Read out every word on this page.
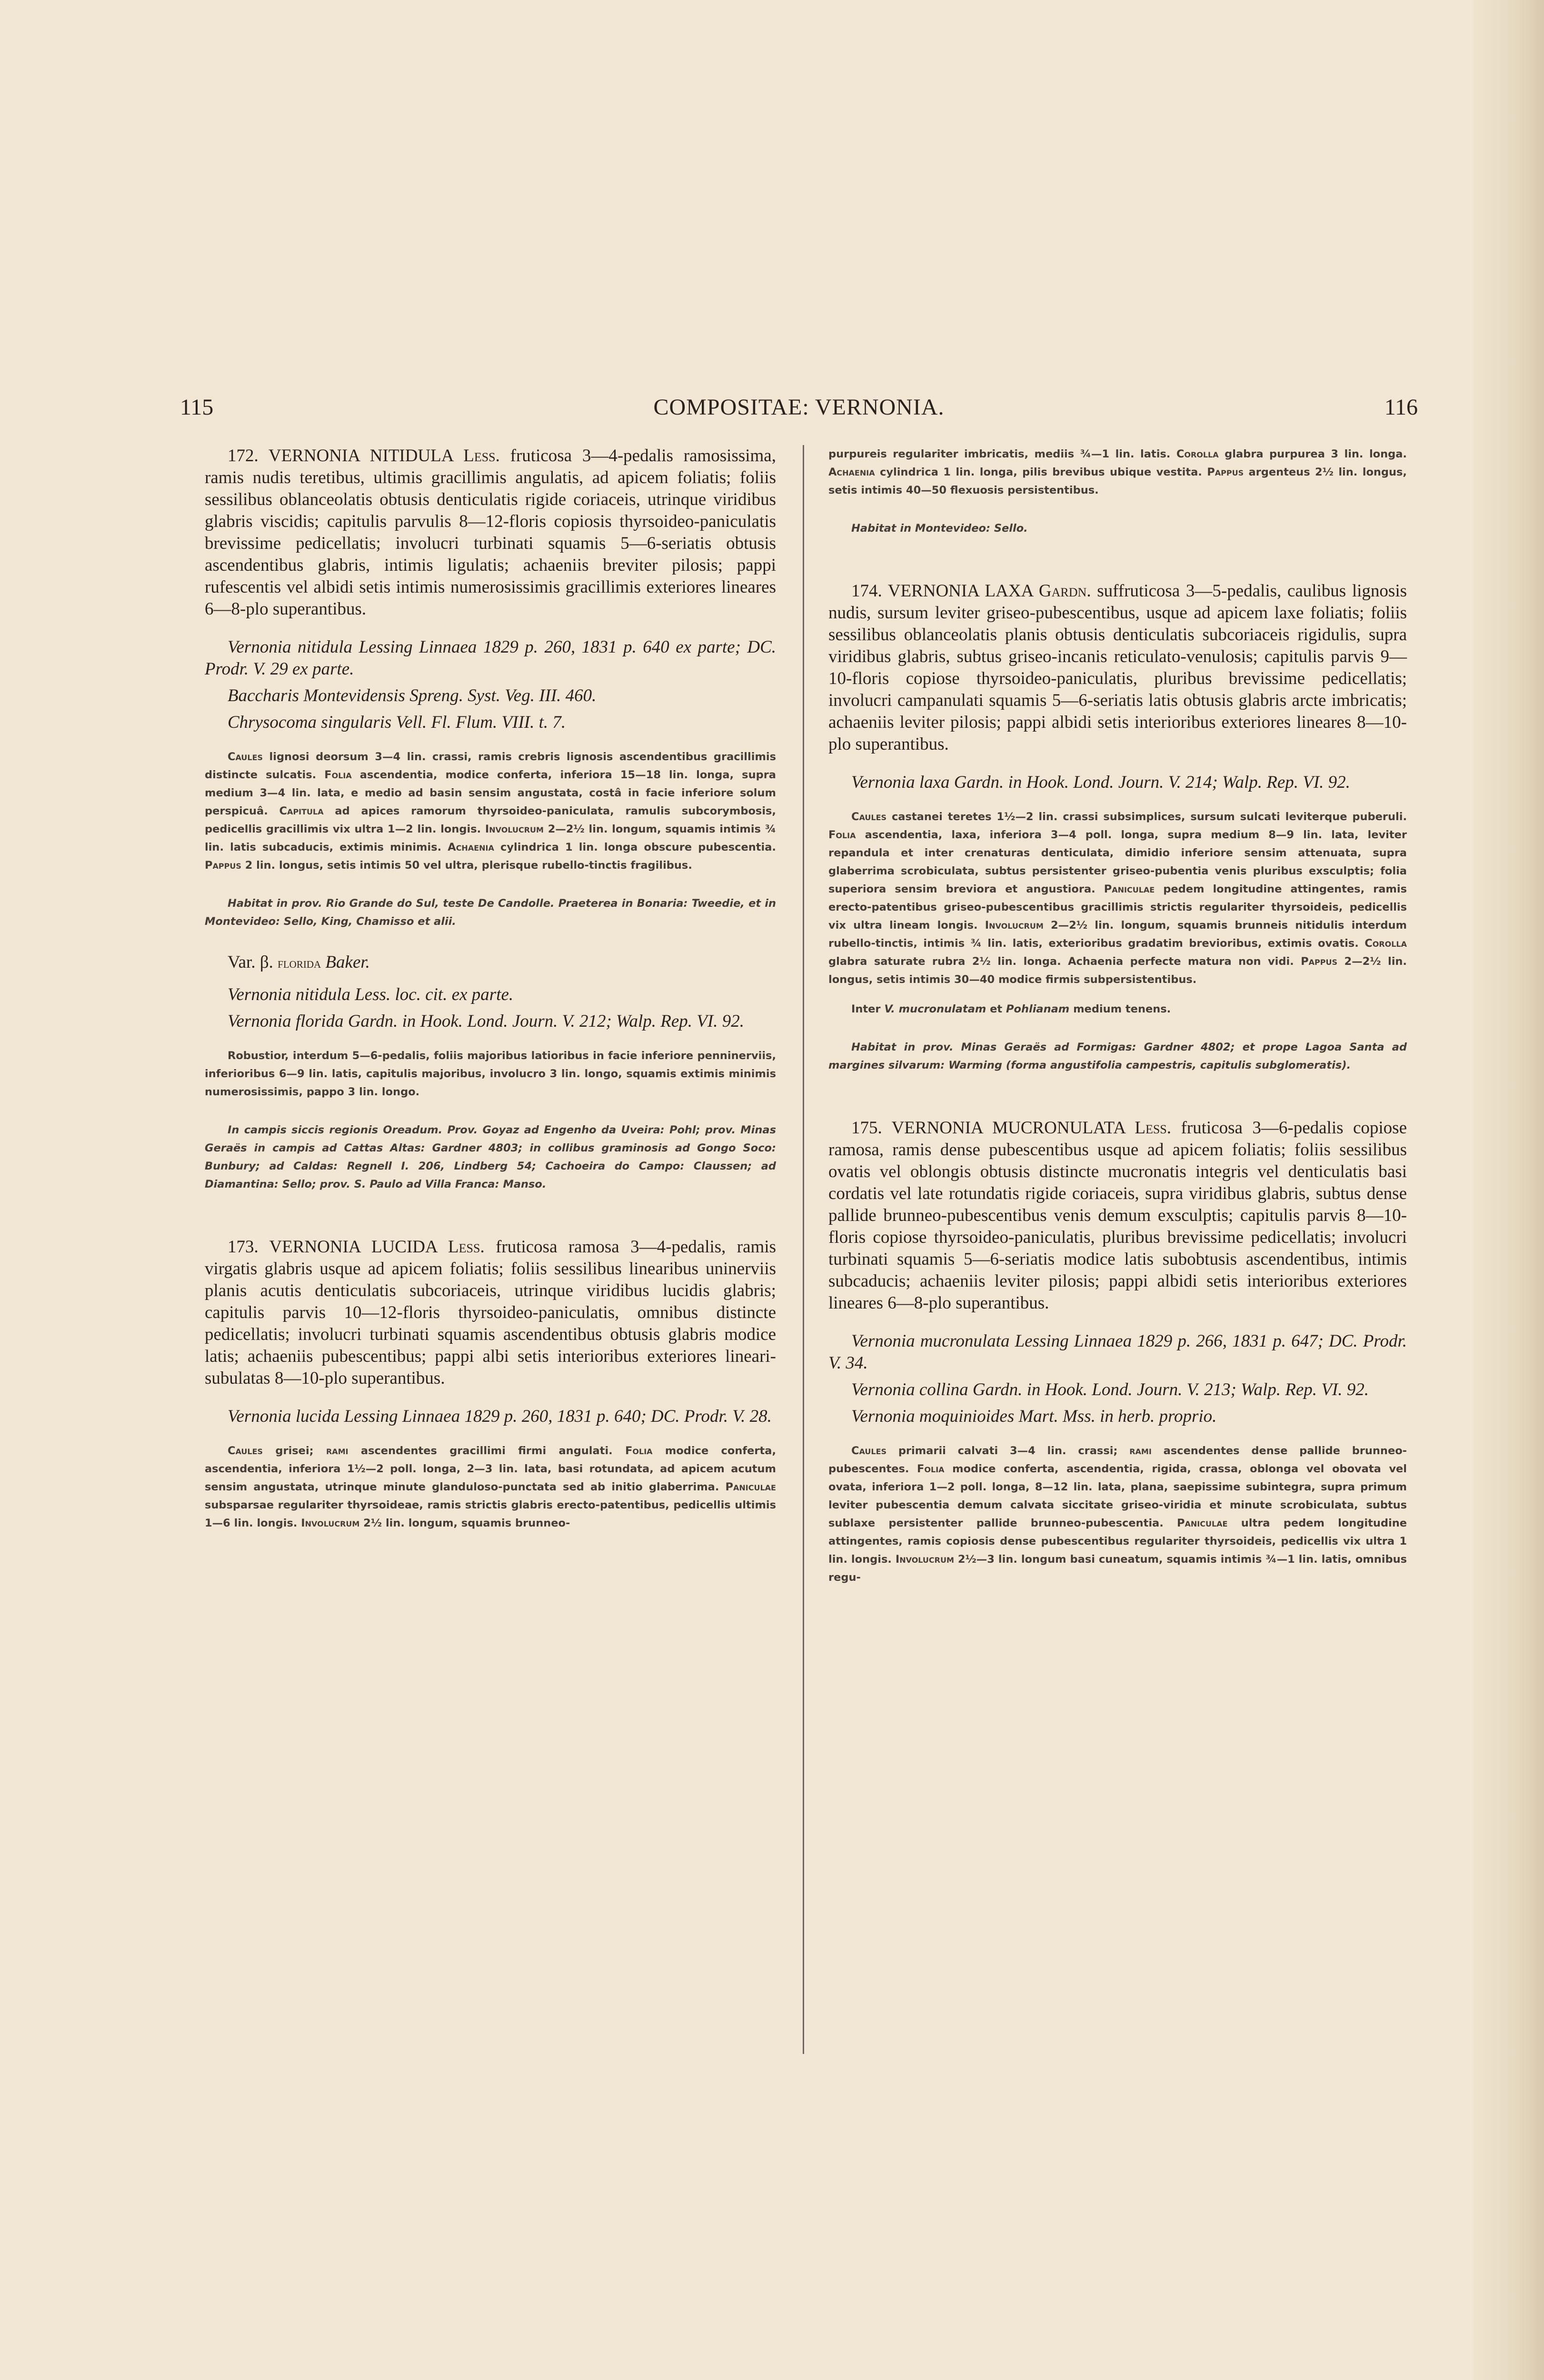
115	COMPOSITAE: VERNONIA.	116

172. VERNONIA NITIDULA Less. fruticosa 3—4-pedalis ramosissima, ramis nudis teretibus, ultimis gracillimis angulatis, ad apicem foliatis; foliis sessilibus oblanceolatis obtusis denticulatis rigide coriaceis, utrinque viridibus glabris viscidis; capitulis parvulis 8—12-floris copiosis thyrsoideo-paniculatis brevissime pedicellatis; involucri turbinati squamis 5—6-seriatis obtusis ascendentibus glabris, intimis ligulatis; achaeniis breviter pilosis; pappi rufescentis vel albidi setis intimis numerosissimis gracillimis exteriores lineares 6—8-plo superantibus.

Vernonia nitidula Lessing Linnaea 1829 p. 260, 1831 p. 640 ex parte; DC. Prodr. V. 29 ex parte.

Baccharis Montevidensis Spreng. Syst. Veg. III. 460.

Chrysocoma singularis Vell. Fl. Flum. VIII. t. 7.

Caules lignosi deorsum 3—4 lin. crassi, ramis crebris lignosis ascendentibus gracillimis distincte sulcatis. Folia ascendentia, modice conferta, inferiora 15—18 lin. longa, supra medium 3—4 lin. lata, e medio ad basin sensim angustata, costâ in facie inferiore solum perspicuâ. Capitula ad apices ramorum thyrsoideo-paniculata, ramulis subcorymbosis, pedicellis gracillimis vix ultra 1—2 lin. longis. Involucrum 2—2½ lin. longum, squamis intimis ¾ lin. latis subcaducis, extimis minimis. Achaenia cylindrica 1 lin. longa obscure pubescentia. Pappus 2 lin. longus, setis intimis 50 vel ultra, plerisque rubello-tinctis fragilibus.

Habitat in prov. Rio Grande do Sul, teste De Candolle. Praeterea in Bonaria: Tweedie, et in Montevideo: Sello, King, Chamisso et alii.

Var. β. florida Baker.

Vernonia nitidula Less. loc. cit. ex parte.

Vernonia florida Gardn. in Hook. Lond. Journ. V. 212; Walp. Rep. VI. 92.

Robustior, interdum 5—6-pedalis, foliis majoribus latioribus in facie inferiore penninerviis, inferioribus 6—9 lin. latis, capitulis majoribus, involucro 3 lin. longo, squamis extimis minimis numerosissimis, pappo 3 lin. longo.

In campis siccis regionis Oreadum. Prov. Goyaz ad Engenho da Uveira: Pohl; prov. Minas Geraës in campis ad Cattas Altas: Gardner 4803; in collibus graminosis ad Gongo Soco: Bunbury; ad Caldas: Regnell I. 206, Lindberg 54; Cachoeira do Campo: Claussen; ad Diamantina: Sello; prov. S. Paulo ad Villa Franca: Manso.

173. VERNONIA LUCIDA Less. fruticosa ramosa 3—4-pedalis, ramis virgatis glabris usque ad apicem foliatis; foliis sessilibus linearibus uninerviis planis acutis denticulatis subcoriaceis, utrinque viridibus lucidis glabris; capitulis parvis 10—12-floris thyrsoideo-paniculatis, omnibus distincte pedicellatis; involucri turbinati squamis ascendentibus obtusis glabris modice latis; achaeniis pubescentibus; pappi albi setis interioribus exteriores lineari-subulatas 8—10-plo superantibus.

Vernonia lucida Lessing Linnaea 1829 p. 260, 1831 p. 640; DC. Prodr. V. 28.

Caules grisei; rami ascendentes gracillimi firmi angulati. Folia modice conferta, ascendentia, inferiora 1½—2 poll. longa, 2—3 lin. lata, basi rotundata, ad apicem acutum sensim angustata, utrinque minute glanduloso-punctata sed ab initio glaberrima. Paniculae subsparsae regulariter thyrsoideae, ramis strictis glabris erecto-patentibus, pedicellis ultimis 1—6 lin. longis. Involucrum 2½ lin. longum, squamis brunneo-

purpureis regulariter imbricatis, mediis ¾—1 lin. latis. Corolla glabra purpurea 3 lin. longa. Achaenia cylindrica 1 lin. longa, pilis brevibus ubique vestita. Pappus argenteus 2½ lin. longus, setis intimis 40—50 flexuosis persistentibus.

Habitat in Montevideo: Sello.

174. VERNONIA LAXA Gardn. suffruticosa 3—5-pedalis, caulibus lignosis nudis, sursum leviter griseo-pubescentibus, usque ad apicem laxe foliatis; foliis sessilibus oblanceolatis planis obtusis denticulatis subcoriaceis rigidulis, supra viridibus glabris, subtus griseo-incanis reticulato-venulosis; capitulis parvis 9—10-floris copiose thyrsoideo-paniculatis, pluribus brevissime pedicellatis; involucri campanulati squamis 5—6-seriatis latis obtusis glabris arcte imbricatis; achaeniis leviter pilosis; pappi albidi setis interioribus exteriores lineares 8—10-plo superantibus.

Vernonia laxa Gardn. in Hook. Lond. Journ. V. 214; Walp. Rep. VI. 92.

Caules castanei teretes 1½—2 lin. crassi subsimplices, sursum sulcati leviterque puberuli. Folia ascendentia, laxa, inferiora 3—4 poll. longa, supra medium 8—9 lin. lata, leviter repandula et inter crenaturas denticulata, dimidio inferiore sensim attenuata, supra glaberrima scrobiculata, subtus persistenter griseo-pubentia venis pluribus exsculptis; folia superiora sensim breviora et angustiora. Paniculae pedem longitudine attingentes, ramis erecto-patentibus griseo-pubescentibus gracillimis strictis regulariter thyrsoideis, pedicellis vix ultra lineam longis. Involucrum 2—2½ lin. longum, squamis brunneis nitidulis interdum rubello-tinctis, intimis ¾ lin. latis, exterioribus gradatim brevioribus, extimis ovatis. Corolla glabra saturate rubra 2½ lin. longa. Achaenia perfecte matura non vidi. Pappus 2—2½ lin. longus, setis intimis 30—40 modice firmis subpersistentibus.

Inter V. mucronulatam et Pohlianam medium tenens.

Habitat in prov. Minas Geraës ad Formigas: Gardner 4802; et prope Lagoa Santa ad margines silvarum: Warming (forma angustifolia campestris, capitulis subglomeratis).

175. VERNONIA MUCRONULATA Less. fruticosa 3—6-pedalis copiose ramosa, ramis dense pubescentibus usque ad apicem foliatis; foliis sessilibus ovatis vel oblongis obtusis distincte mucronatis integris vel denticulatis basi cordatis vel late rotundatis rigide coriaceis, supra viridibus glabris, subtus dense pallide brunneo-pubescentibus venis demum exsculptis; capitulis parvis 8—10-floris copiose thyrsoideo-paniculatis, pluribus brevissime pedicellatis; involucri turbinati squamis 5—6-seriatis modice latis subobtusis ascendentibus, intimis subcaducis; achaeniis leviter pilosis; pappi albidi setis interioribus exteriores lineares 6—8-plo superantibus.

Vernonia mucronulata Lessing Linnaea 1829 p. 266, 1831 p. 647; DC. Prodr. V. 34.

Vernonia collina Gardn. in Hook. Lond. Journ. V. 213; Walp. Rep. VI. 92.

Vernonia moquinioides Mart. Mss. in herb. proprio.

Caules primarii calvati 3—4 lin. crassi; rami ascendentes dense pallide brunneo-pubescentes. Folia modice conferta, ascendentia, rigida, crassa, oblonga vel obovata vel ovata, inferiora 1—2 poll. longa, 8—12 lin. lata, plana, saepissime subintegra, supra primum leviter pubescentia demum calvata siccitate griseo-viridia et minute scrobiculata, subtus sublaxe persistenter pallide brunneo-pubescentia. Paniculae ultra pedem longitudine attingentes, ramis copiosis dense pubescentibus regulariter thyrsoideis, pedicellis vix ultra 1 lin. longis. Involucrum 2½—3 lin. longum basi cuneatum, squamis intimis ¾—1 lin. latis, omnibus regu-
